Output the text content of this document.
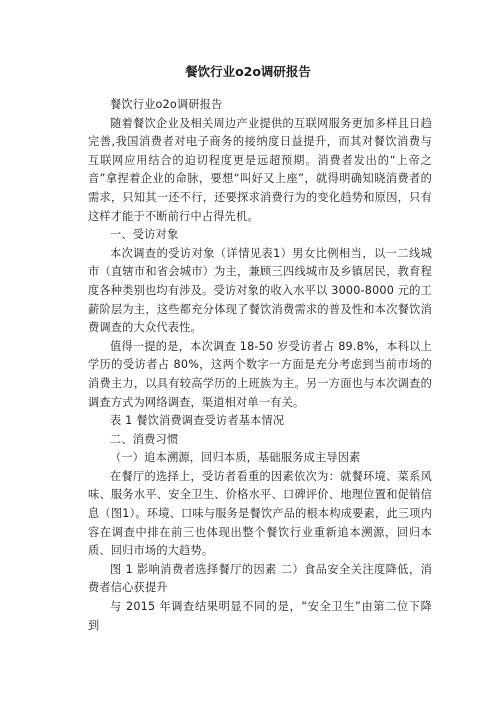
餐饮行业o2o调研报告

餐饮行业o2o调研报告

随着餐饮企业及相关周边产业提供的互联网服务更加多样且日趋完善,我国消费者对电子商务的接纳度日益提升，而其对餐饮消费与互联网应用结合的迫切程度更是远超预期。消费者发出的“上帝之音”拿捏着企业的命脉，要想“叫好又上座”，就得明确知晓消费者的需求，只知其一还不行，还要探求消费行为的变化趋势和原因，只有这样才能于不断前行中占得先机。

一、受访对象

本次调查的受访对象（详情见表1）男女比例相当，以一二线城市（直辖市和省会城市）为主，兼顾三四线城市及乡镇居民，教育程度各种类别也均有涉及。受访对象的收入水平以 3000-8000 元的工薪阶层为主，这些都充分体现了餐饮消费需求的普及性和本次餐饮消费调查的大众代表性。

值得一提的是，本次调查 18-50 岁受访者占 89.8%，本科以上学历的受访者占 80%，这两个数字一方面是充分考虑到当前市场的消费主力，以具有较高学历的上班族为主。另一方面也与本次调查的调查方式为网络调查，渠道相对单一有关。

表 1 餐饮消费调查受访者基本情况

二、消费习惯

（一）追本溯源，回归本质，基础服务成主导因素

在餐厅的选择上，受访者看重的因素依次为：就餐环境、菜系风味、服务水平、安全卫生、价格水平、口碑评价、地理位置和促销信息（图1）。环境、口味与服务是餐饮产品的根本构成要素，此三项内容在调查中排在前三也体现出整个餐饮行业重新追本溯源，回归本质、回归市场的大趋势。

图 1 影响消费者选择餐厅的因素 二）食品安全关注度降低，消费者信心获提升

与 2015 年调查结果明显不同的是，“安全卫生”由第二位下降到
